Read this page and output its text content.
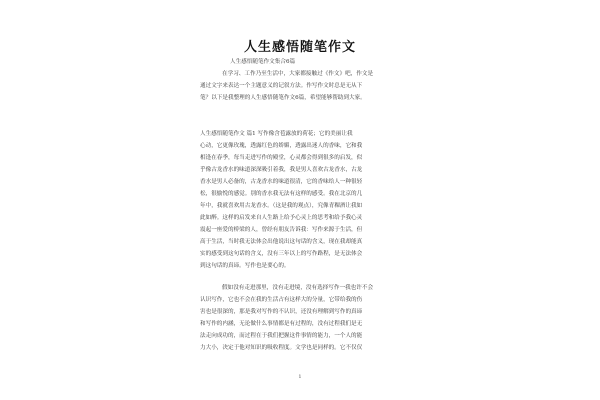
人生感悟随笔作文
人生感悟随笔作文集合6篇
在学习、工作乃至生活中，大家都接触过《作文》吧，作文是
通过文字来表达一个主题意义的记叙方法。作写作文时总是无从下
笔？以下是我整理的人生感悟随笔作文6篇，希望能够帮助到大家。
人生感悟随笔作文 篇1 写作像含苞露放的荷花；它的美丽让我
心动，它更像玫瑰，透露红色的娇媚，透露出迷人的香味，它和我
相逢在春季，每当走进写作的殿堂，心灵都会得到很多的启发，似
乎像古龙香水的味道深深吸引着我，我是男人喜欢古龙香水，古龙
香水是男人必备的，古龙香水的味道很清，它的香味给人一种很轻
松，很愉悦的感觉。别的香水我无法有这样的感受。我在北京的几
年中，我就喜欢用古龙香水。（这是我的观点），究像青稞酒让我如
此如醉。这样的启发来自人生路上给予心灵上的思考和给予我心灵
震起一座爱的桥梁的人，曾经有朋友告诉我：写作来源于生活，但
高于生活，当时我无法体会出他说出这句话的含义，现在我却能真
实的感受到这句话的含义，没有三年以上的写作路程，是无法体会
到这句话的真谛。写作也是要心的。
假如没有走进那里，没有走进境，没有选择写作一我也许不会
认识写作，它也不会在我的生活占有这样大的分量，它带给我的伤
害也是很深的，那是我对写作的不认识，还没有理解到写作的真谛
和写作的内涵，无论做什么事情都是有过程的，没有过程我们是无
法走向成功的，而过程在于我们把握这件事情的能力，一个人的能
力大小，决定于他对知识的吸收程度。文学也是同样的。它不仅仅
1
